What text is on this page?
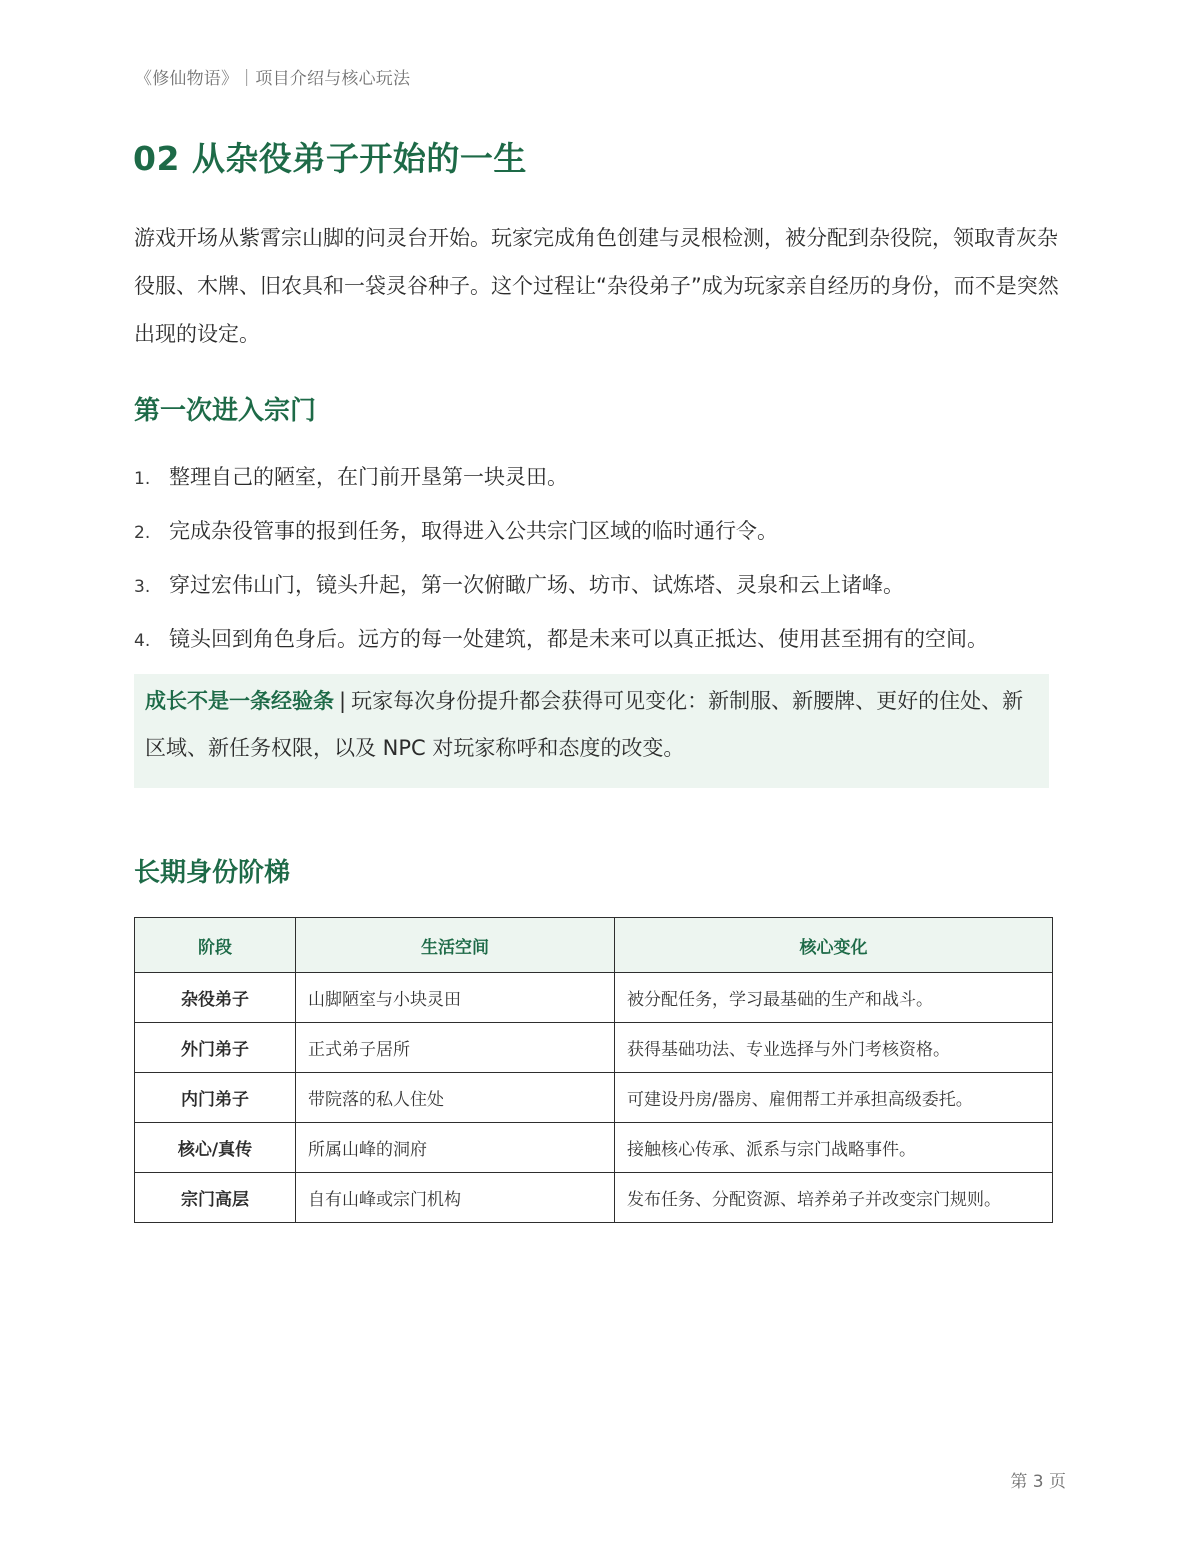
《修仙物语》｜项目介绍与核心玩法
02 从杂役弟子开始的一生

游戏开场从紫霄宗山脚的问灵台开始。玩家完成角色创建与灵根检测，被分配到杂役院，领取青灰杂役服、木牌、旧农具和一袋灵谷种子。这个过程让“杂役弟子”成为玩家亲自经历的身份，而不是突然出现的设定。

第一次进入宗门
1. 整理自己的陋室，在门前开垦第一块灵田。
2. 完成杂役管事的报到任务，取得进入公共宗门区域的临时通行令。
3. 穿过宏伟山门，镜头升起，第一次俯瞰广场、坊市、试炼塔、灵泉和云上诸峰。
4. 镜头回到角色身后。远方的每一处建筑，都是未来可以真正抵达、使用甚至拥有的空间。
成长不是一条经验条 | 玩家每次身份提升都会获得可见变化：新制服、新腰牌、更好的住处、新区域、新任务权限，以及 NPC 对玩家称呼和态度的改变。
长期身份阶梯
阶段	生活空间	核心变化
杂役弟子	山脚陋室与小块灵田	被分配任务，学习最基础的生产和战斗。
外门弟子	正式弟子居所	获得基础功法、专业选择与外门考核资格。
内门弟子	带院落的私人住处	可建设丹房/器房、雇佣帮工并承担高级委托。
核心/真传	所属山峰的洞府	接触核心传承、派系与宗门战略事件。
宗门高层	自有山峰或宗门机构	发布任务、分配资源、培养弟子并改变宗门规则。
第 3 页
